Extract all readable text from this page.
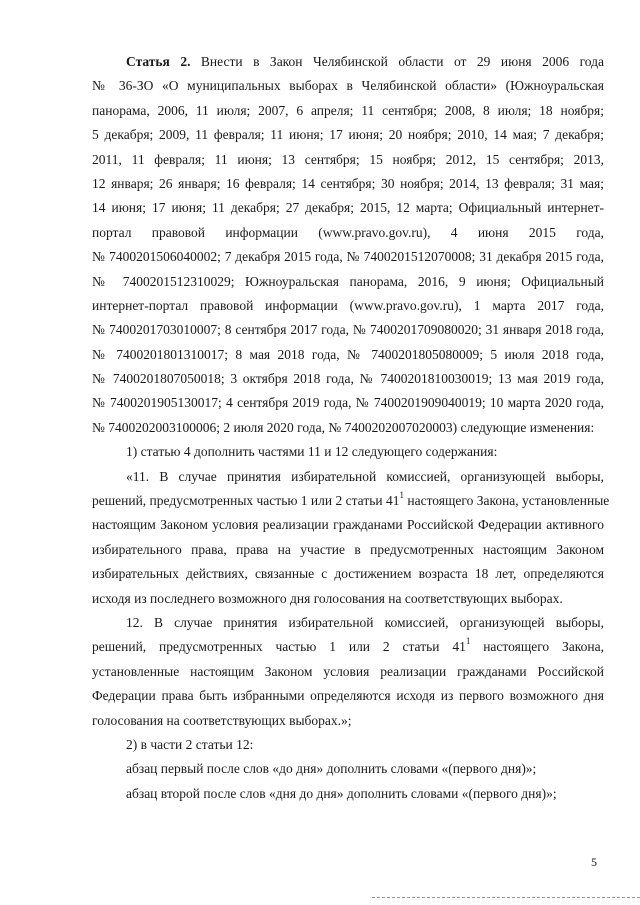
Статья 2. Внести в Закон Челябинской области от 29 июня 2006 года
№ 36-ЗО «О муниципальных выборах в Челябинской области» (Южноуральская
панорама, 2006, 11 июля; 2007, 6 апреля; 11 сентября; 2008, 8 июля; 18 ноября;
5 декабря; 2009, 11 февраля; 11 июня; 17 июня; 20 ноября; 2010, 14 мая; 7 декабря;
2011, 11 февраля; 11 июня; 13 сентября; 15 ноября; 2012, 15 сентября; 2013,
12 января; 26 января; 16 февраля; 14 сентября; 30 ноября; 2014, 13 февраля; 31 мая;
14 июня; 17 июня; 11 декабря; 27 декабря; 2015, 12 марта; Официальный интернет-
портал правовой информации (www.pravo.gov.ru), 4 июня 2015 года,
№ 7400201506040002; 7 декабря 2015 года, № 7400201512070008; 31 декабря 2015 года,
№ 7400201512310029; Южноуральская панорама, 2016, 9 июня; Официальный
интернет-портал правовой информации (www.pravo.gov.ru), 1 марта 2017 года,
№ 7400201703010007; 8 сентября 2017 года, № 7400201709080020; 31 января 2018 года,
№ 7400201801310017; 8 мая 2018 года, № 7400201805080009; 5 июля 2018 года,
№ 7400201807050018; 3 октября 2018 года, № 7400201810030019; 13 мая 2019 года,
№ 7400201905130017; 4 сентября 2019 года, № 7400201909040019; 10 марта 2020 года,
№ 7400202003100006; 2 июля 2020 года, № 7400202007020003) следующие изменения:
1) статью 4 дополнить частями 11 и 12 следующего содержания:
«11. В случае принятия избирательной комиссией, организующей выборы,
решений, предусмотренных частью 1 или 2 статьи $41^1$ настоящего Закона, установленные
настоящим Законом условия реализации гражданами Российской Федерации активного
избирательного права, права на участие в предусмотренных настоящим Законом
избирательных действиях, связанные с достижением возраста 18 лет, определяются
исходя из последнего возможного дня голосования на соответствующих выборах.
12. В случае принятия избирательной комиссией, организующей выборы,
решений, предусмотренных частью 1 или 2 статьи $41^1$ настоящего Закона,
установленные настоящим Законом условия реализации гражданами Российской
Федерации права быть избранными определяются исходя из первого возможного дня
голосования на соответствующих выборах.»;
2) в части 2 статьи 12:
абзац первый после слов «до дня» дополнить словами «(первого дня)»;
абзац второй после слов «дня до дня» дополнить словами «(первого дня)»;
5
